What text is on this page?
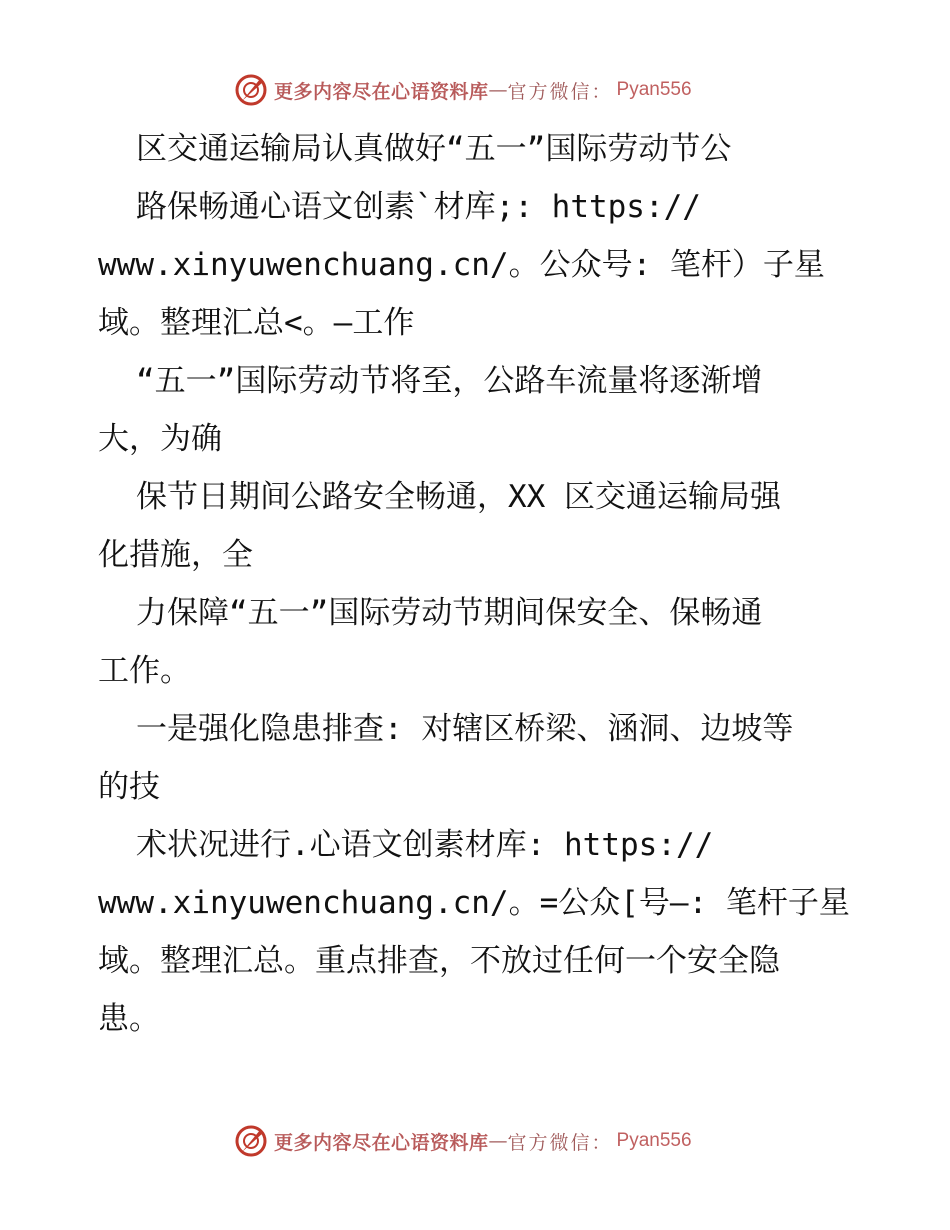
更多内容尽在心语资料库 — 官方微信： Pyan556
区交通运输局认真做好“五一”国际劳动节公
路保畅通心语文创素`材库;: https://
www.xinyuwenchuang.cn/。公众号: 笔杆）子星
域。整理汇总<。—工作
“五一”国际劳动节将至，公路车流量将逐渐增
大，为确
保节日期间公路安全畅通，XX 区交通运输局强
化措施，全
力保障“五一”国际劳动节期间保安全、保畅通
工作。
一是强化隐患排查: 对辖区桥梁、涵洞、边坡等
的技
术状况进行.心语文创素材库: https://
www.xinyuwenchuang.cn/。=公众[号—: 笔杆子星
域。整理汇总。重点排查，不放过任何一个安全隐
患。
更多内容尽在心语资料库 — 官方微信： Pyan556
